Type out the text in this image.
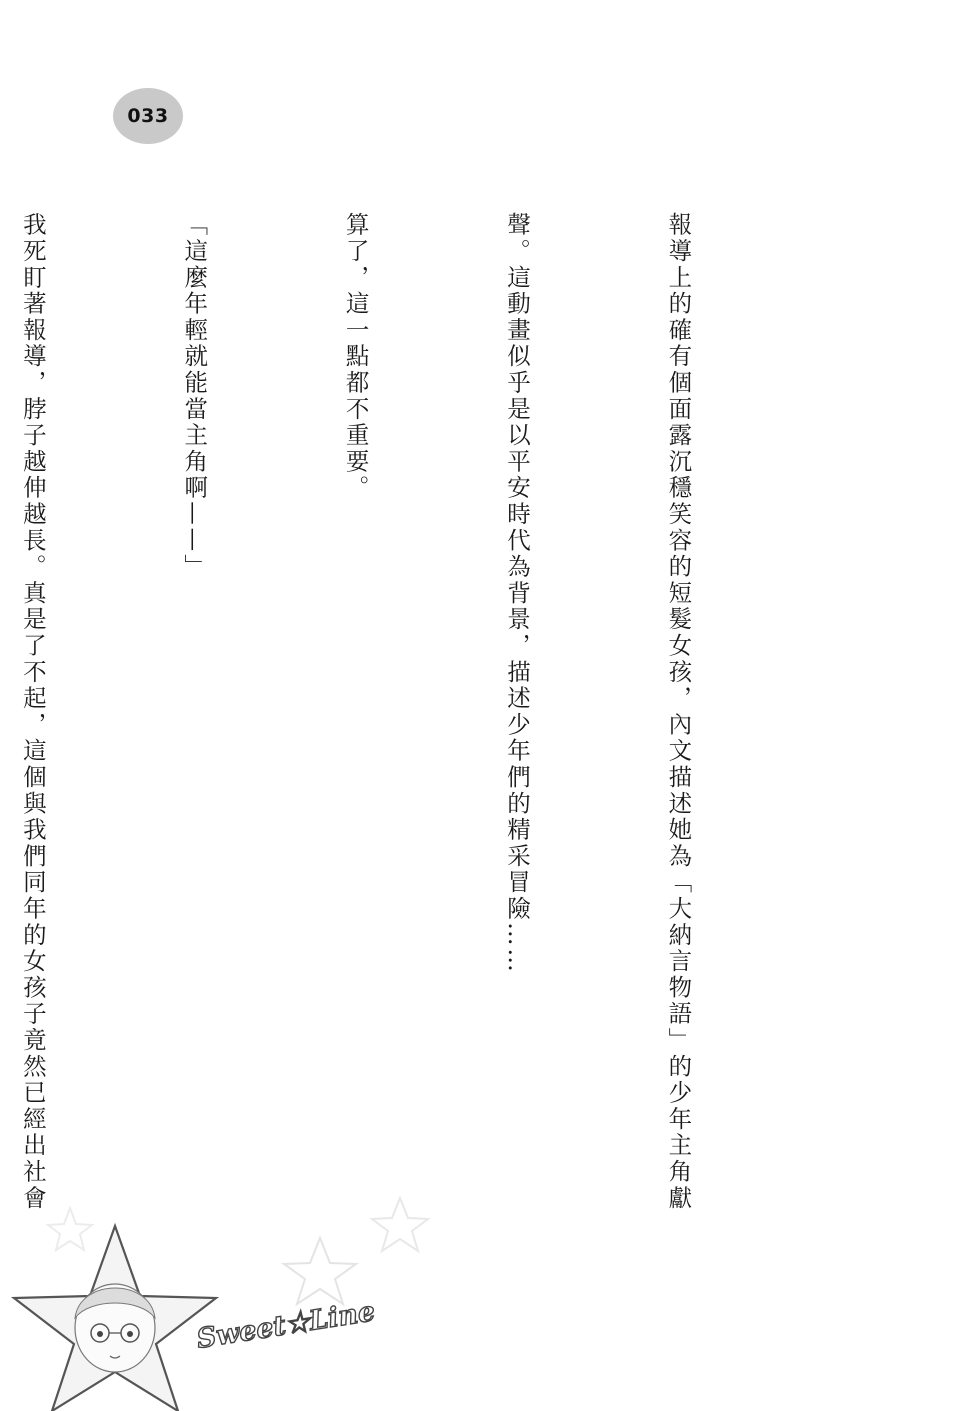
033

報導上的確有個面露沉穩笑容的短髮女孩，內文描述她為「大納言物語」的少年主角獻

聲。這動畫似乎是以平安時代為背景，描述少年們的精采冒險……

算了，這一點都不重要。

「這麼年輕就能當主角啊——」

我死盯著報導，脖子越伸越長。真是了不起，這個與我們同年的女孩子竟然已經出社會

Sweet★Line
